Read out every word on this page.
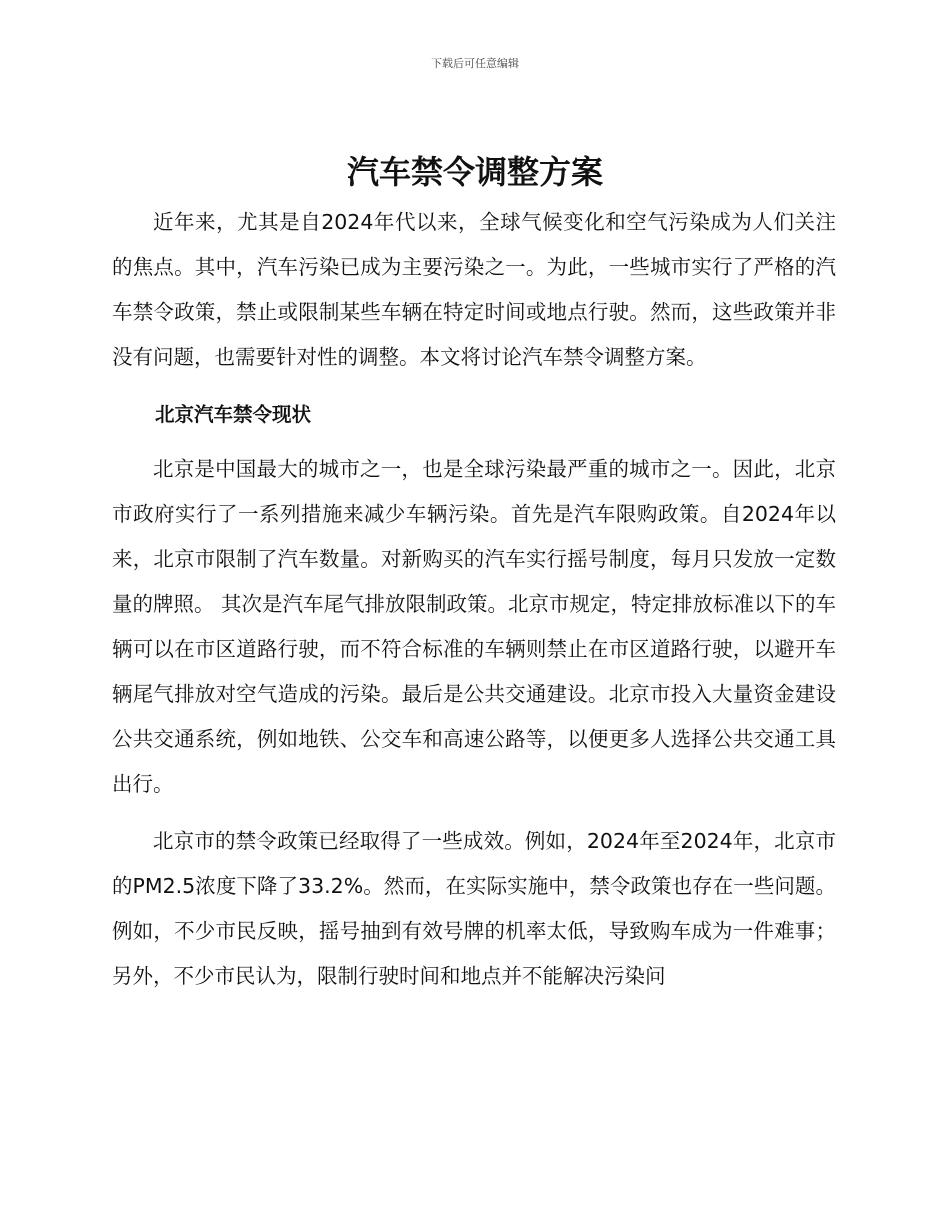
下载后可任意编辑
汽车禁令调整方案

近年来，尤其是自2024年代以来，全球气候变化和空气污染成为人们关注的焦点。其中，汽车污染已成为主要污染之一。为此，一些城市实行了严格的汽车禁令政策，禁止或限制某些车辆在特定时间或地点行驶。然而，这些政策并非没有问题，也需要针对性的调整。本文将讨论汽车禁令调整方案。

北京汽车禁令现状

北京是中国最大的城市之一，也是全球污染最严重的城市之一。因此，北京市政府实行了一系列措施来减少车辆污染。首先是汽车限购政策。自2024年以来，北京市限制了汽车数量。对新购买的汽车实行摇号制度，每月只发放一定数量的牌照。 其次是汽车尾气排放限制政策。北京市规定，特定排放标准以下的车辆可以在市区道路行驶，而不符合标准的车辆则禁止在市区道路行驶，以避开车辆尾气排放对空气造成的污染。最后是公共交通建设。北京市投入大量资金建设公共交通系统，例如地铁、公交车和高速公路等，以便更多人选择公共交通工具出行。

北京市的禁令政策已经取得了一些成效。例如，2024年至2024年，北京市的PM2.5浓度下降了33.2%。然而，在实际实施中，禁令政策也存在一些问题。例如，不少市民反映，摇号抽到有效号牌的机率太低，导致购车成为一件难事；另外，不少市民认为，限制行驶时间和地点并不能解决污染问
